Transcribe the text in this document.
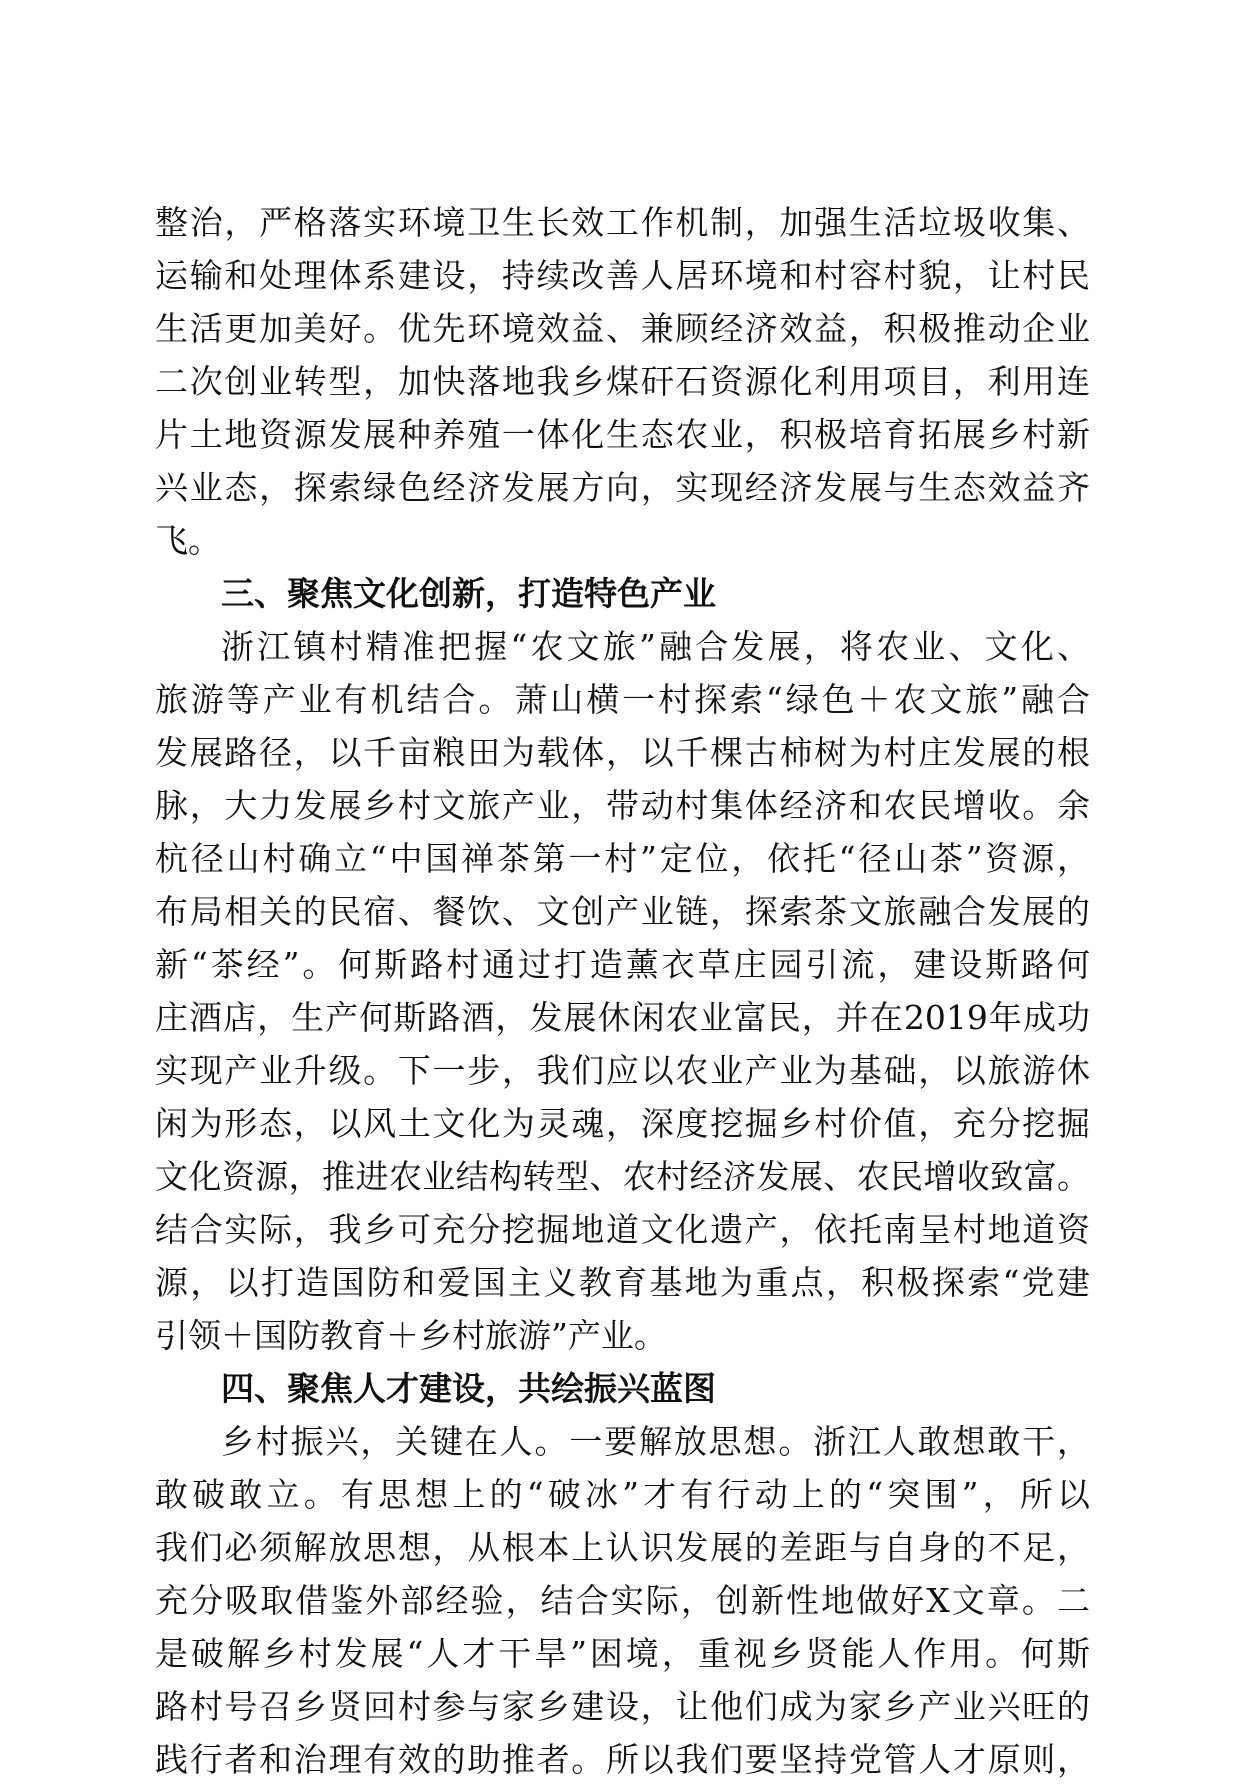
整治，严格落实环境卫生长效工作机制，加强生活垃圾收集、
运输和处理体系建设，持续改善人居环境和村容村貌，让村民
生活更加美好。优先环境效益、兼顾经济效益，积极推动企业
二次创业转型，加快落地我乡煤矸石资源化利用项目，利用连
片土地资源发展种养殖一体化生态农业，积极培育拓展乡村新
兴业态，探索绿色经济发展方向，实现经济发展与生态效益齐
飞。
三、聚焦文化创新，打造特色产业
浙江镇村精准把握“农文旅”融合发展，将农业、文化、
旅游等产业有机结合。萧山横一村探索“绿色＋农文旅”融合
发展路径，以千亩粮田为载体，以千棵古柿树为村庄发展的根
脉，大力发展乡村文旅产业，带动村集体经济和农民增收。余
杭径山村确立“中国禅茶第一村”定位，依托“径山茶”资源，
布局相关的民宿、餐饮、文创产业链，探索茶文旅融合发展的
新“茶经”。何斯路村通过打造薰衣草庄园引流，建设斯路何
庄酒店，生产何斯路酒，发展休闲农业富民，并在2019年成功
实现产业升级。下一步，我们应以农业产业为基础，以旅游休
闲为形态，以风土文化为灵魂，深度挖掘乡村价值，充分挖掘
文化资源，推进农业结构转型、农村经济发展、农民增收致富。
结合实际，我乡可充分挖掘地道文化遗产，依托南呈村地道资
源，以打造国防和爱国主义教育基地为重点，积极探索“党建
引领＋国防教育＋乡村旅游”产业。
四、聚焦人才建设，共绘振兴蓝图
乡村振兴，关键在人。一要解放思想。浙江人敢想敢干，
敢破敢立。有思想上的“破冰”才有行动上的“突围”，所以
我们必须解放思想，从根本上认识发展的差距与自身的不足，
充分吸取借鉴外部经验，结合实际，创新性地做好X文章。二
是破解乡村发展“人才干旱”困境，重视乡贤能人作用。何斯
路村号召乡贤回村参与家乡建设，让他们成为家乡产业兴旺的
践行者和治理有效的助推者。所以我们要坚持党管人才原则，
